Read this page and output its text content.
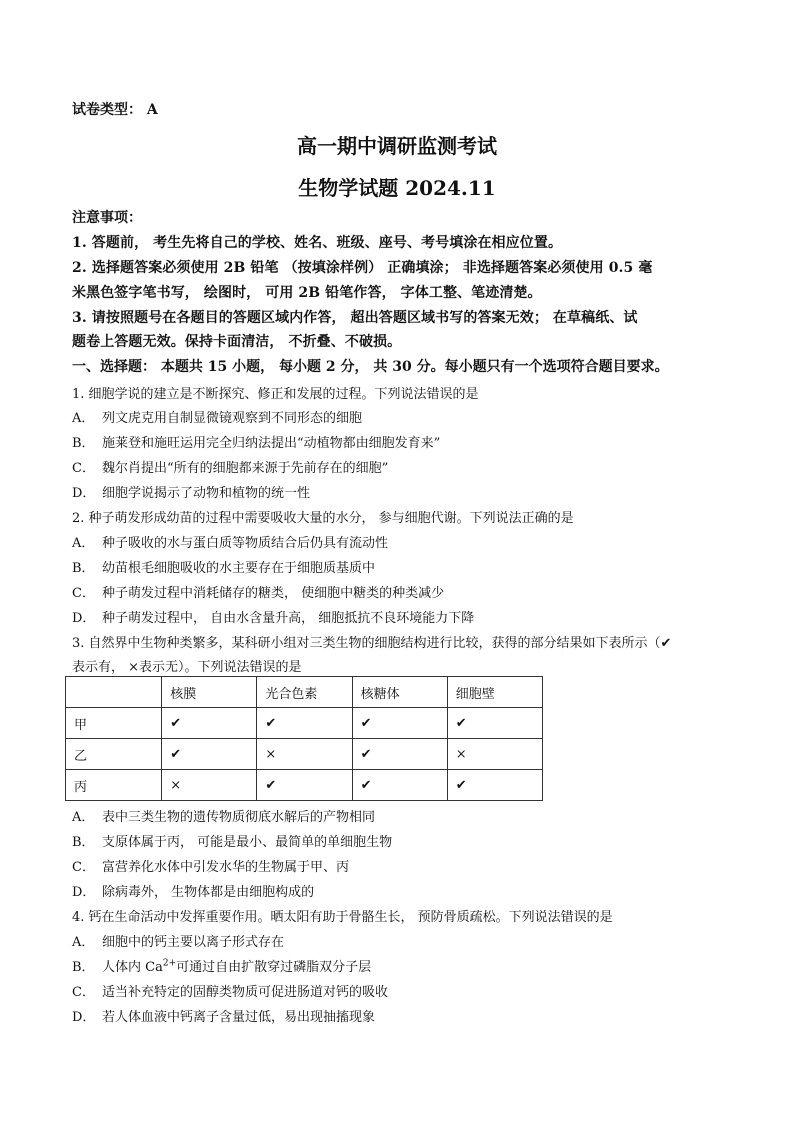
试卷类型： A
高一期中调研监测考试
生物学试题 2024.11
注意事项：
1. 答题前， 考生先将自己的学校、姓名、班级、座号、考号填涂在相应位置。
2. 选择题答案必须使用 2B 铅笔 （按填涂样例） 正确填涂； 非选择题答案必须使用 0.5 毫
米黑色签字笔书写， 绘图时， 可用 2B 铅笔作答， 字体工整、笔迹清楚。
3. 请按照题号在各题目的答题区域内作答， 超出答题区域书写的答案无效； 在草稿纸、试
题卷上答题无效。保持卡面清洁， 不折叠、不破损。
一、选择题： 本题共 15 小题， 每小题 2 分， 共 30 分。每小题只有一个选项符合题目要求。
1. 细胞学说的建立是不断探究、修正和发展的过程。下列说法错误的是
A． 列文虎克用自制显微镜观察到不同形态的细胞
B． 施莱登和施旺运用完全归纳法提出“动植物都由细胞发育来”
C． 魏尔肖提出“所有的细胞都来源于先前存在的细胞”
D． 细胞学说揭示了动物和植物的统一性
2. 种子萌发形成幼苗的过程中需要吸收大量的水分， 参与细胞代谢。下列说法正确的是
A． 种子吸收的水与蛋白质等物质结合后仍具有流动性
B． 幼苗根毛细胞吸收的水主要存在于细胞质基质中
C． 种子萌发过程中消耗储存的糖类， 使细胞中糖类的种类减少
D． 种子萌发过程中， 自由水含量升高， 细胞抵抗不良环境能力下降
3. 自然界中生物种类繁多，某科研小组对三类生物的细胞结构进行比较，获得的部分结果如下表所示（✔
表示有， ×表示无）。下列说法错误的是
	核膜	光合色素	核糖体	细胞壁
甲	✔	✔	✔	✔
乙	✔	×	✔	×
丙	×	✔	✔	✔
A． 表中三类生物的遗传物质彻底水解后的产物相同
B． 支原体属于丙， 可能是最小、最简单的单细胞生物
C． 富营养化水体中引发水华的生物属于甲、丙
D． 除病毒外， 生物体都是由细胞构成的
4. 钙在生命活动中发挥重要作用。晒太阳有助于骨骼生长， 预防骨质疏松。下列说法错误的是
A． 细胞中的钙主要以离子形式存在
B． 人体内 $Ca^{2+}$可通过自由扩散穿过磷脂双分子层
C． 适当补充特定的固醇类物质可促进肠道对钙的吸收
D． 若人体血液中钙离子含量过低，易出现抽搐现象
